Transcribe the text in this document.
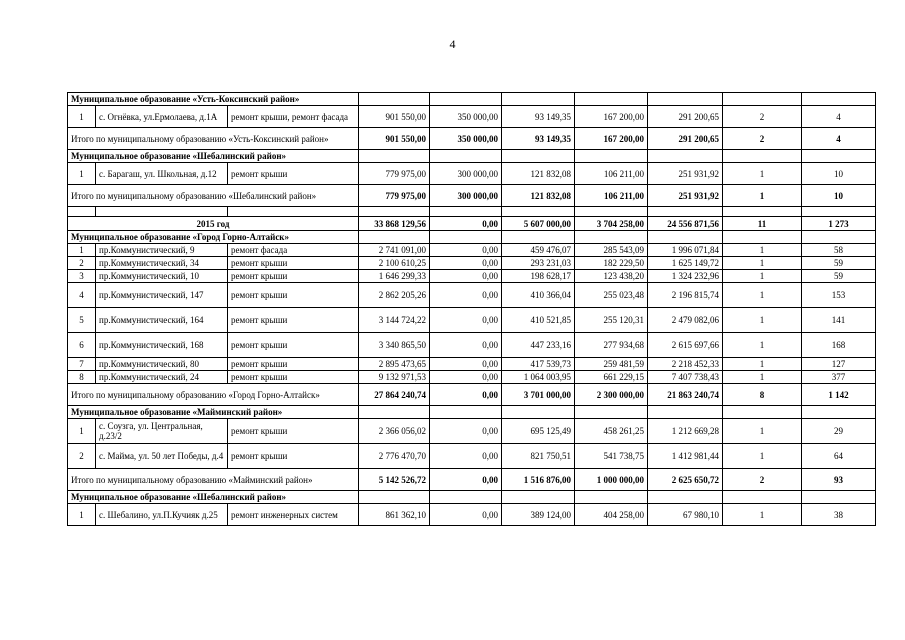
4
Муниципальное образование «Усть-Коксинский район»									
1	с. Огнёвка, ул.Ермолаева, д.1А	ремонт крыши, ремонт фасада	901 550,00	350 000,00	93 149,35	167 200,00	291 200,65	2	4
Итого по муниципальному образованию «Усть-Коксинский район»			901 550,00	350 000,00	93 149,35	167 200,00	291 200,65	2	4
Муниципальное образование «Шебалинский район»									
1	с. Барагаш, ул. Школьная, д.12	ремонт крыши	779 975,00	300 000,00	121 832,08	106 211,00	251 931,92	1	10
Итого по муниципальному образованию «Шебалинский район»			779 975,00	300 000,00	121 832,08	106 211,00	251 931,92	1	10

2015 год			33 868 129,56	0,00	5 607 000,00	3 704 258,00	24 556 871,56	11	1 273
Муниципальное образование «Город Горно-Алтайск»									
1	пр.Коммунистический, 9	ремонт фасада	2 741 091,00	0,00	459 476,07	285 543,09	1 996 071,84	1	58
2	пр.Коммунистический, 34	ремонт крыши	2 100 610,25	0,00	293 231,03	182 229,50	1 625 149,72	1	59
3	пр.Коммунистический, 10	ремонт крыши	1 646 299,33	0,00	198 628,17	123 438,20	1 324 232,96	1	59
4	пр.Коммунистический, 147	ремонт крыши	2 862 205,26	0,00	410 366,04	255 023,48	2 196 815,74	1	153
5	пр.Коммунистический, 164	ремонт крыши	3 144 724,22	0,00	410 521,85	255 120,31	2 479 082,06	1	141
6	пр.Коммунистический, 168	ремонт крыши	3 340 865,50	0,00	447 233,16	277 934,68	2 615 697,66	1	168
7	пр.Коммунистический, 80	ремонт крыши	2 895 473,65	0,00	417 539,73	259 481,59	2 218 452,33	1	127
8	пр.Коммунистический, 24	ремонт крыши	9 132 971,53	0,00	1 064 003,95	661 229,15	7 407 738,43	1	377
Итого по муниципальному образованию «Город Горно-Алтайск»			27 864 240,74	0,00	3 701 000,00	2 300 000,00	21 863 240,74	8	1 142
Муниципальное образование «Майминский район»									
1	с. Соузга, ул. Центральная, д.23/2	ремонт крыши	2 366 056,02	0,00	695 125,49	458 261,25	1 212 669,28	1	29
2	с. Майма, ул. 50 лет Победы, д.4	ремонт крыши	2 776 470,70	0,00	821 750,51	541 738,75	1 412 981,44	1	64
Итого по муниципальному образованию «Майминский район»			5 142 526,72	0,00	1 516 876,00	1 000 000,00	2 625 650,72	2	93
Муниципальное образование «Шебалинский район»									
1	с. Шебалино, ул.П.Кучияк д.25	ремонт инженерных систем	861 362,10	0,00	389 124,00	404 258,00	67 980,10	1	38
